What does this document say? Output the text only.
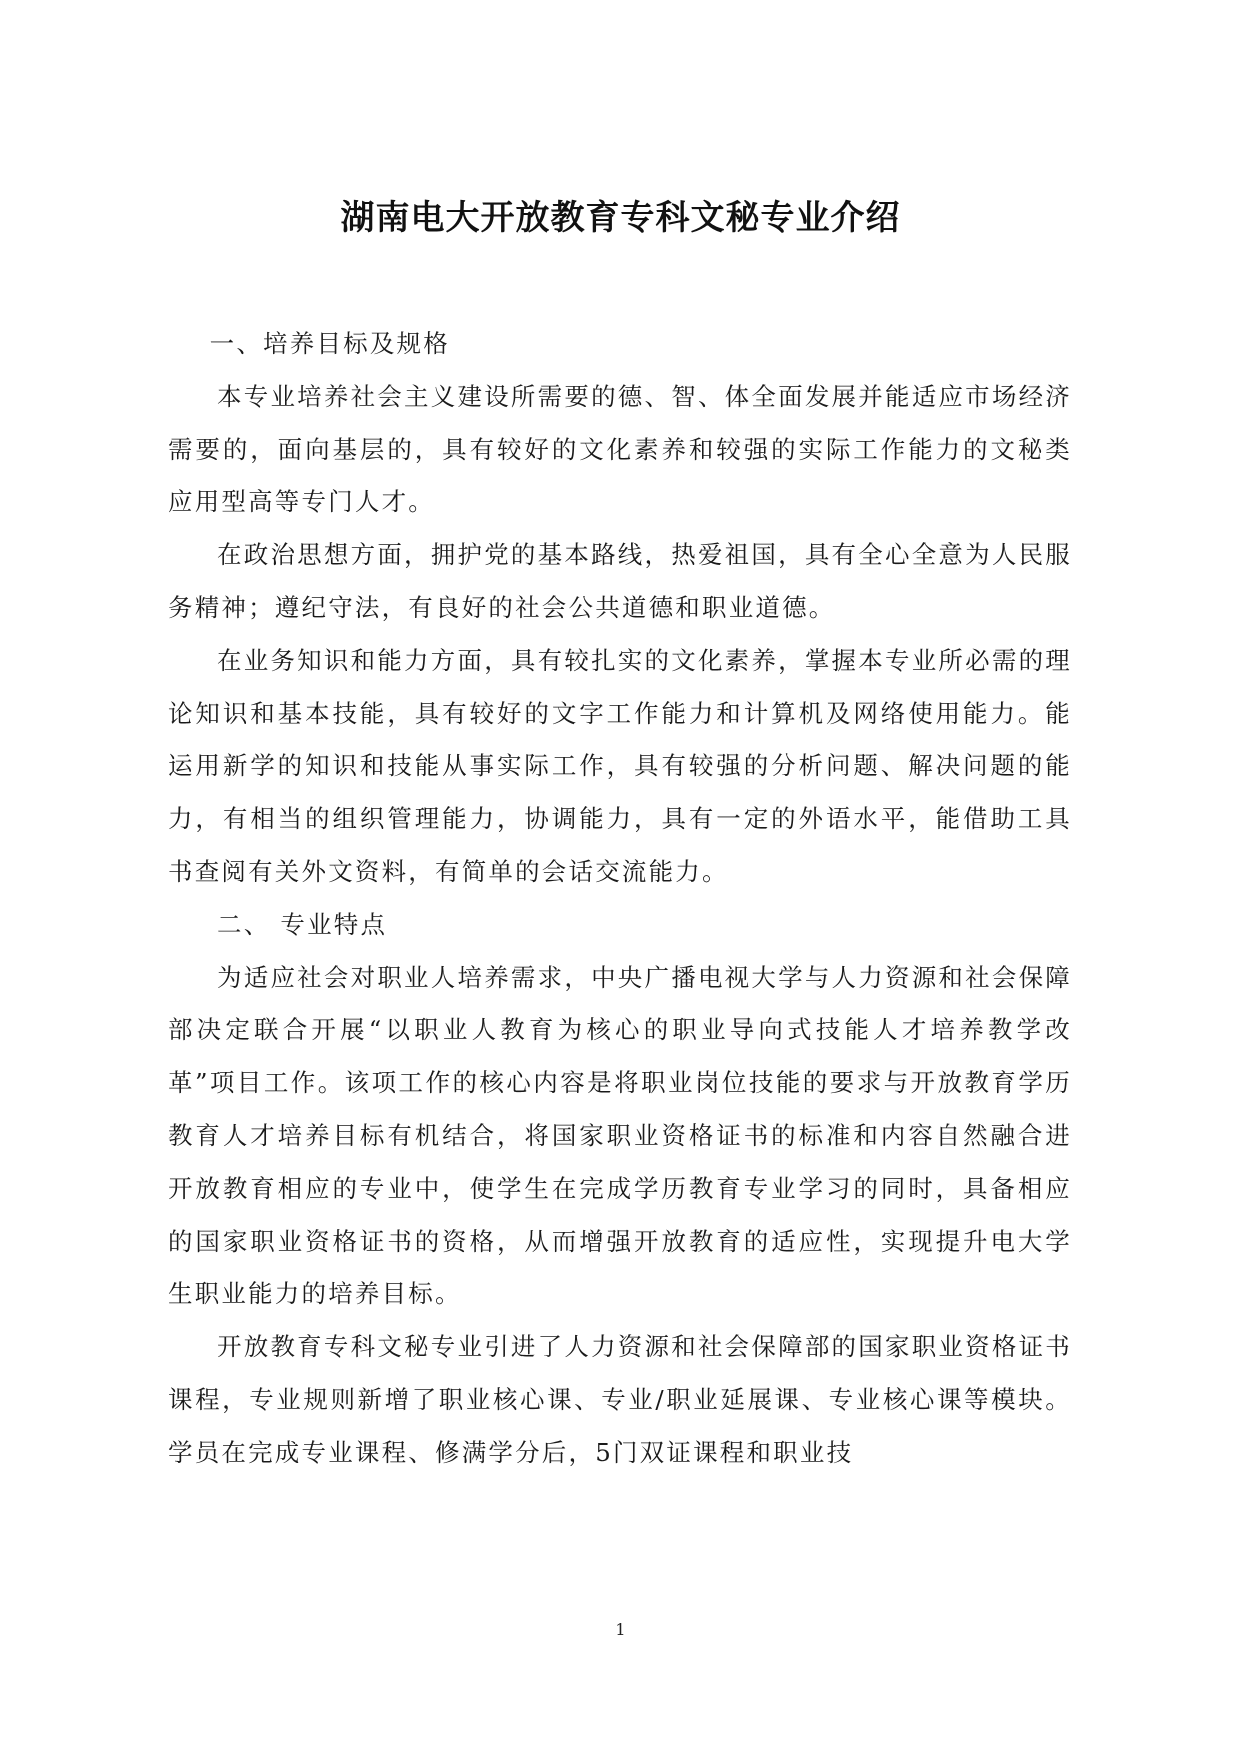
湖南电大开放教育专科文秘专业介绍

一、培养目标及规格

本专业培养社会主义建设所需要的德、智、体全面发展并能适应市场经济需要的，面向基层的，具有较好的文化素养和较强的实际工作能力的文秘类应用型高等专门人才。

在政治思想方面，拥护党的基本路线，热爱祖国，具有全心全意为人民服务精神；遵纪守法，有良好的社会公共道德和职业道德。

在业务知识和能力方面，具有较扎实的文化素养，掌握本专业所必需的理论知识和基本技能，具有较好的文字工作能力和计算机及网络使用能力。能运用新学的知识和技能从事实际工作，具有较强的分析问题、解决问题的能力，有相当的组织管理能力，协调能力，具有一定的外语水平，能借助工具书查阅有关外文资料，有简单的会话交流能力。

二、 专业特点

为适应社会对职业人培养需求，中央广播电视大学与人力资源和社会保障部决定联合开展“以职业人教育为核心的职业导向式技能人才培养教学改革”项目工作。该项工作的核心内容是将职业岗位技能的要求与开放教育学历教育人才培养目标有机结合，将国家职业资格证书的标准和内容自然融合进开放教育相应的专业中，使学生在完成学历教育专业学习的同时，具备相应的国家职业资格证书的资格，从而增强开放教育的适应性，实现提升电大学生职业能力的培养目标。

开放教育专科文秘专业引进了人力资源和社会保障部的国家职业资格证书课程，专业规则新增了职业核心课、专业/职业延展课、专业核心课等模块。学员在完成专业课程、修满学分后，5门双证课程和职业技

1
